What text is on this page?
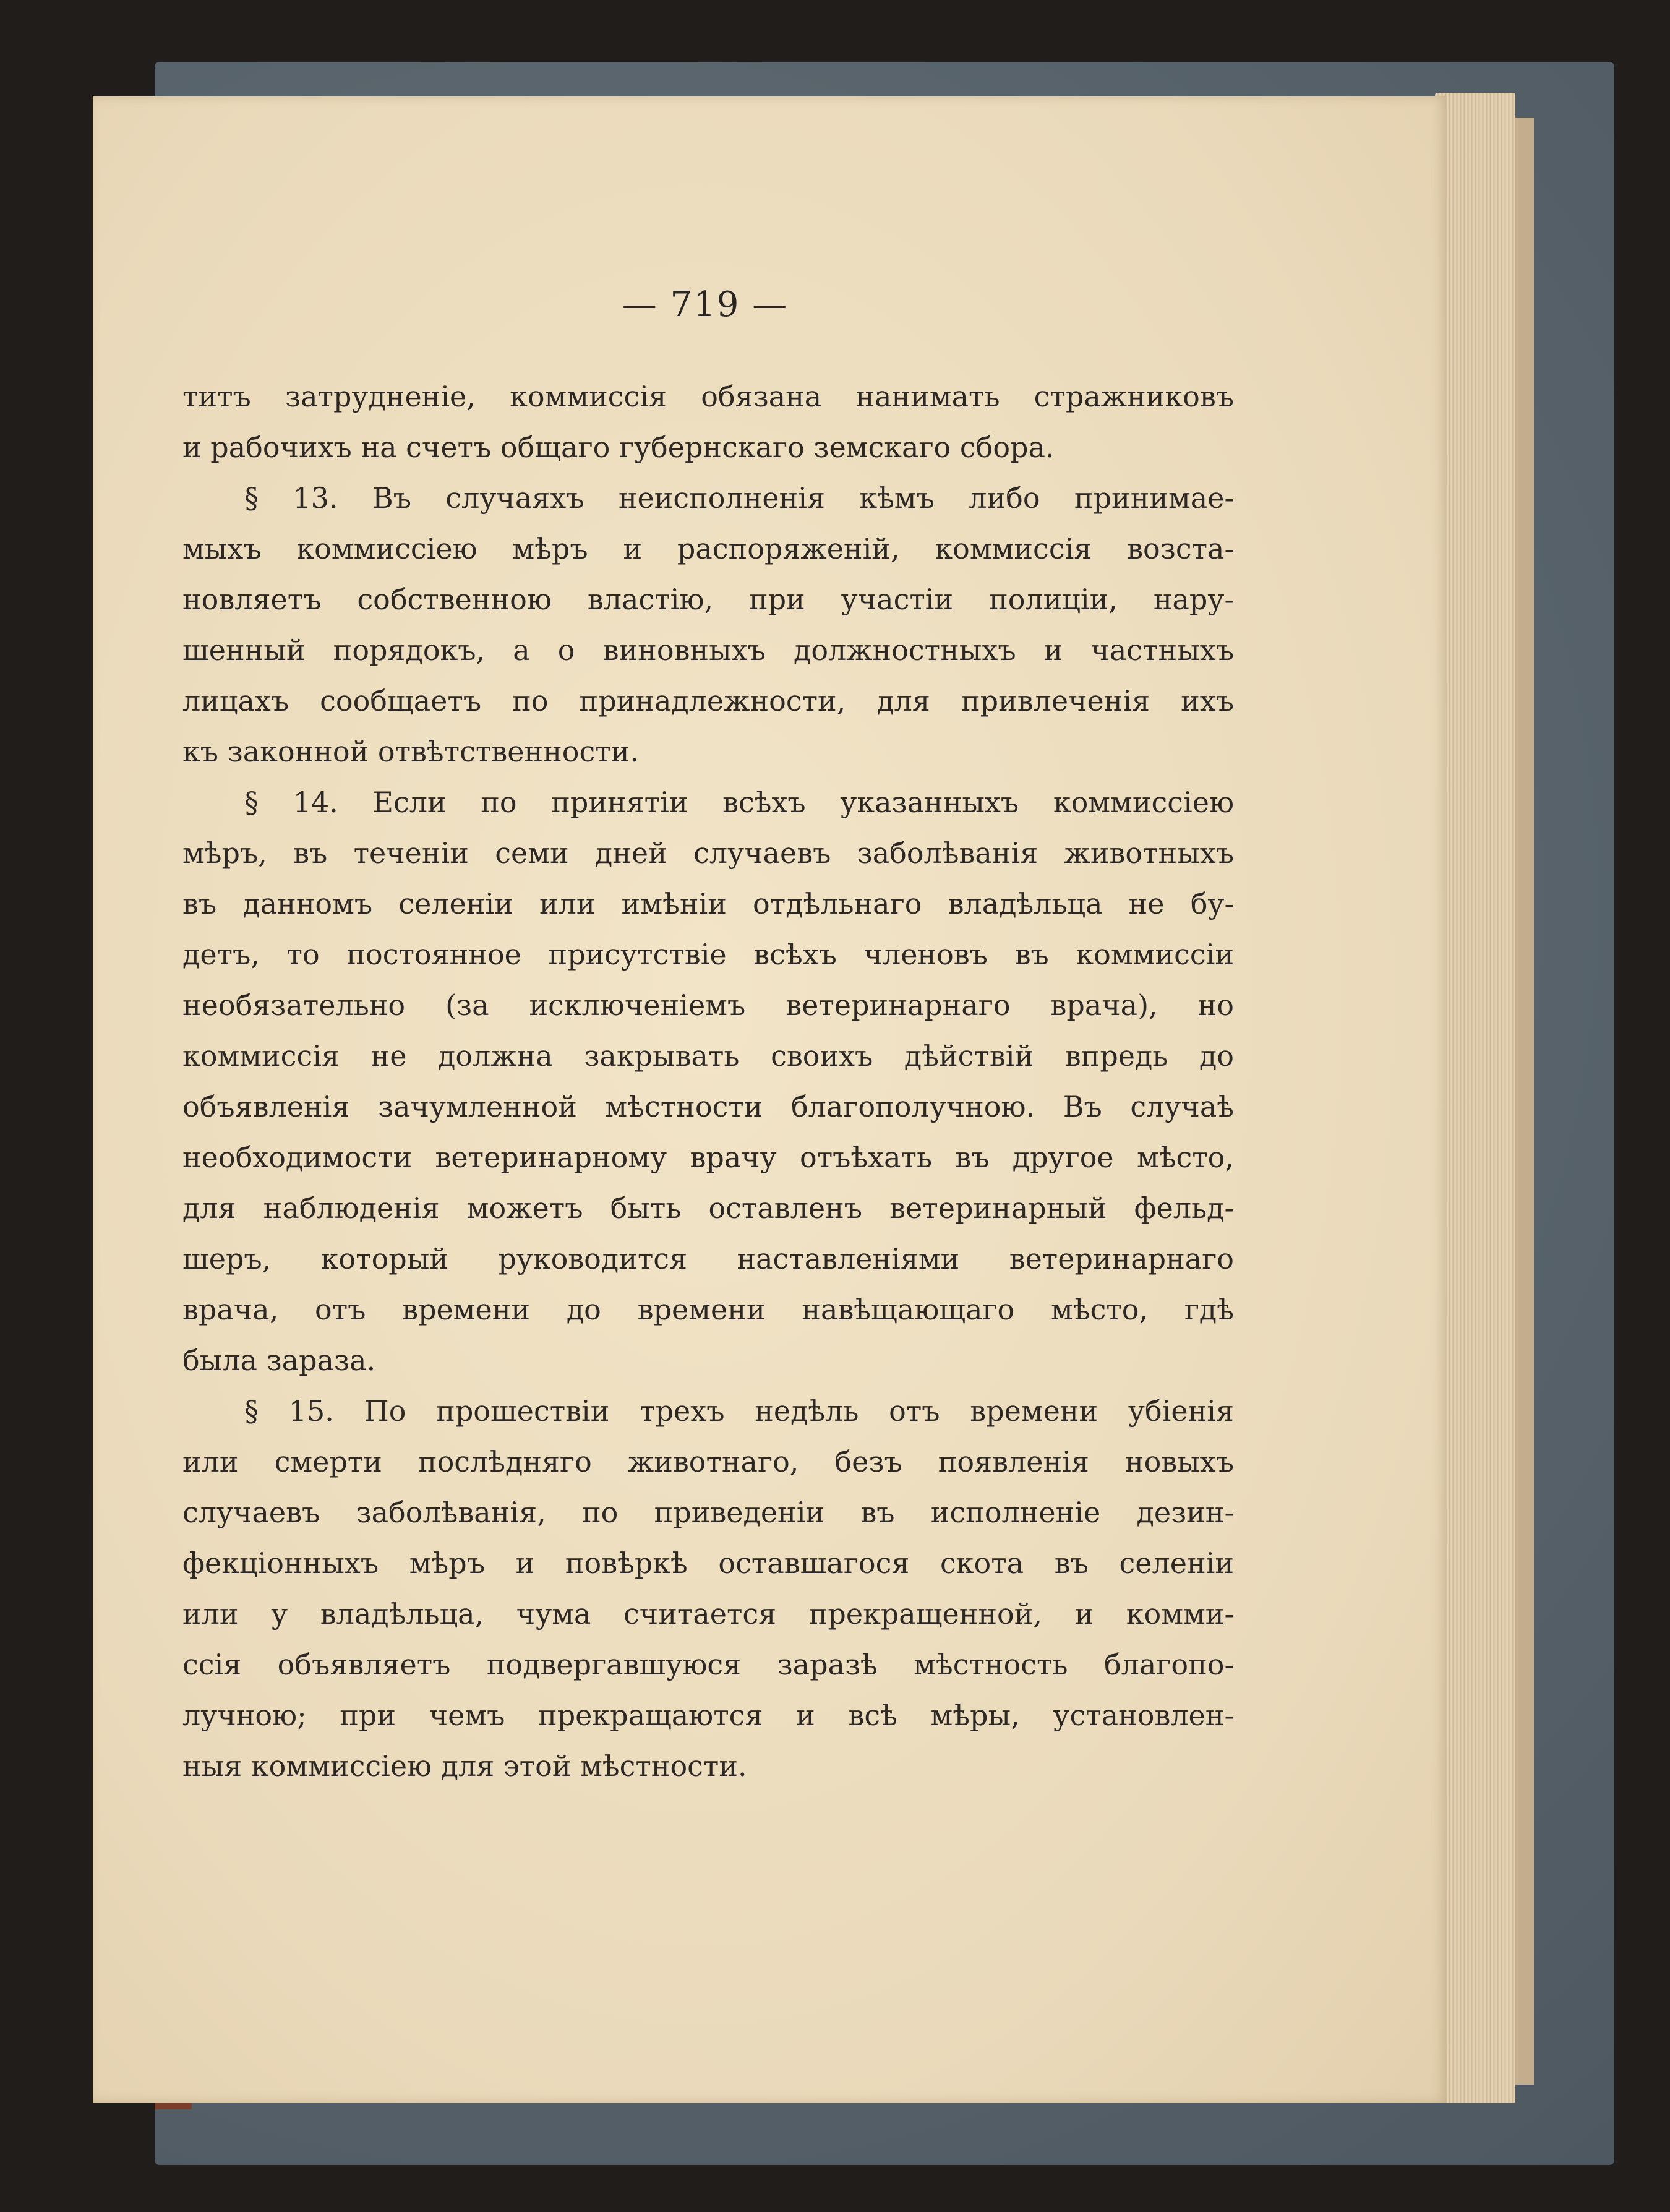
— 719 —
титъ затрудненіе, коммиссія обязана нанимать стражниковъ
и рабочихъ на счетъ общаго губернскаго земскаго сбора.
§ 13. Въ случаяхъ неисполненія кѣмъ либо принимае-
мыхъ коммиссіею мѣръ и распоряженій, коммиссія возста-
новляетъ собственною властію, при участіи полиціи, нару-
шенный порядокъ, а о виновныхъ должностныхъ и частныхъ
лицахъ сообщаетъ по принадлежности, для привлеченія ихъ
къ законной отвѣтственности.
§ 14. Если по принятіи всѣхъ указанныхъ коммиссіею
мѣръ, въ теченіи семи дней случаевъ заболѣванія животныхъ
въ данномъ селеніи или имѣніи отдѣльнаго владѣльца не бу-
детъ, то постоянное присутствіе всѣхъ членовъ въ коммиссіи
необязательно (за исключеніемъ ветеринарнаго врача), но
коммиссія не должна закрывать своихъ дѣйствій впредь до
объявленія зачумленной мѣстности благополучною. Въ случаѣ
необходимости ветеринарному врачу отъѣхать въ другое мѣсто,
для наблюденія можетъ быть оставленъ ветеринарный фельд-
шеръ, который руководится наставленіями ветеринарнаго
врача, отъ времени до времени навѣщающаго мѣсто, гдѣ
была зараза.
§ 15. По прошествіи трехъ недѣль отъ времени убіенія
или смерти послѣдняго животнаго, безъ появленія новыхъ
случаевъ заболѣванія, по приведеніи въ исполненіе дезин-
фекціонныхъ мѣръ и повѣркѣ оставшагося скота въ селеніи
или у владѣльца, чума считается прекращенной, и комми-
ссія объявляетъ подвергавшуюся заразѣ мѣстность благопо-
лучною; при чемъ прекращаются и всѣ мѣры, установлен-
ныя коммиссіею для этой мѣстности.
